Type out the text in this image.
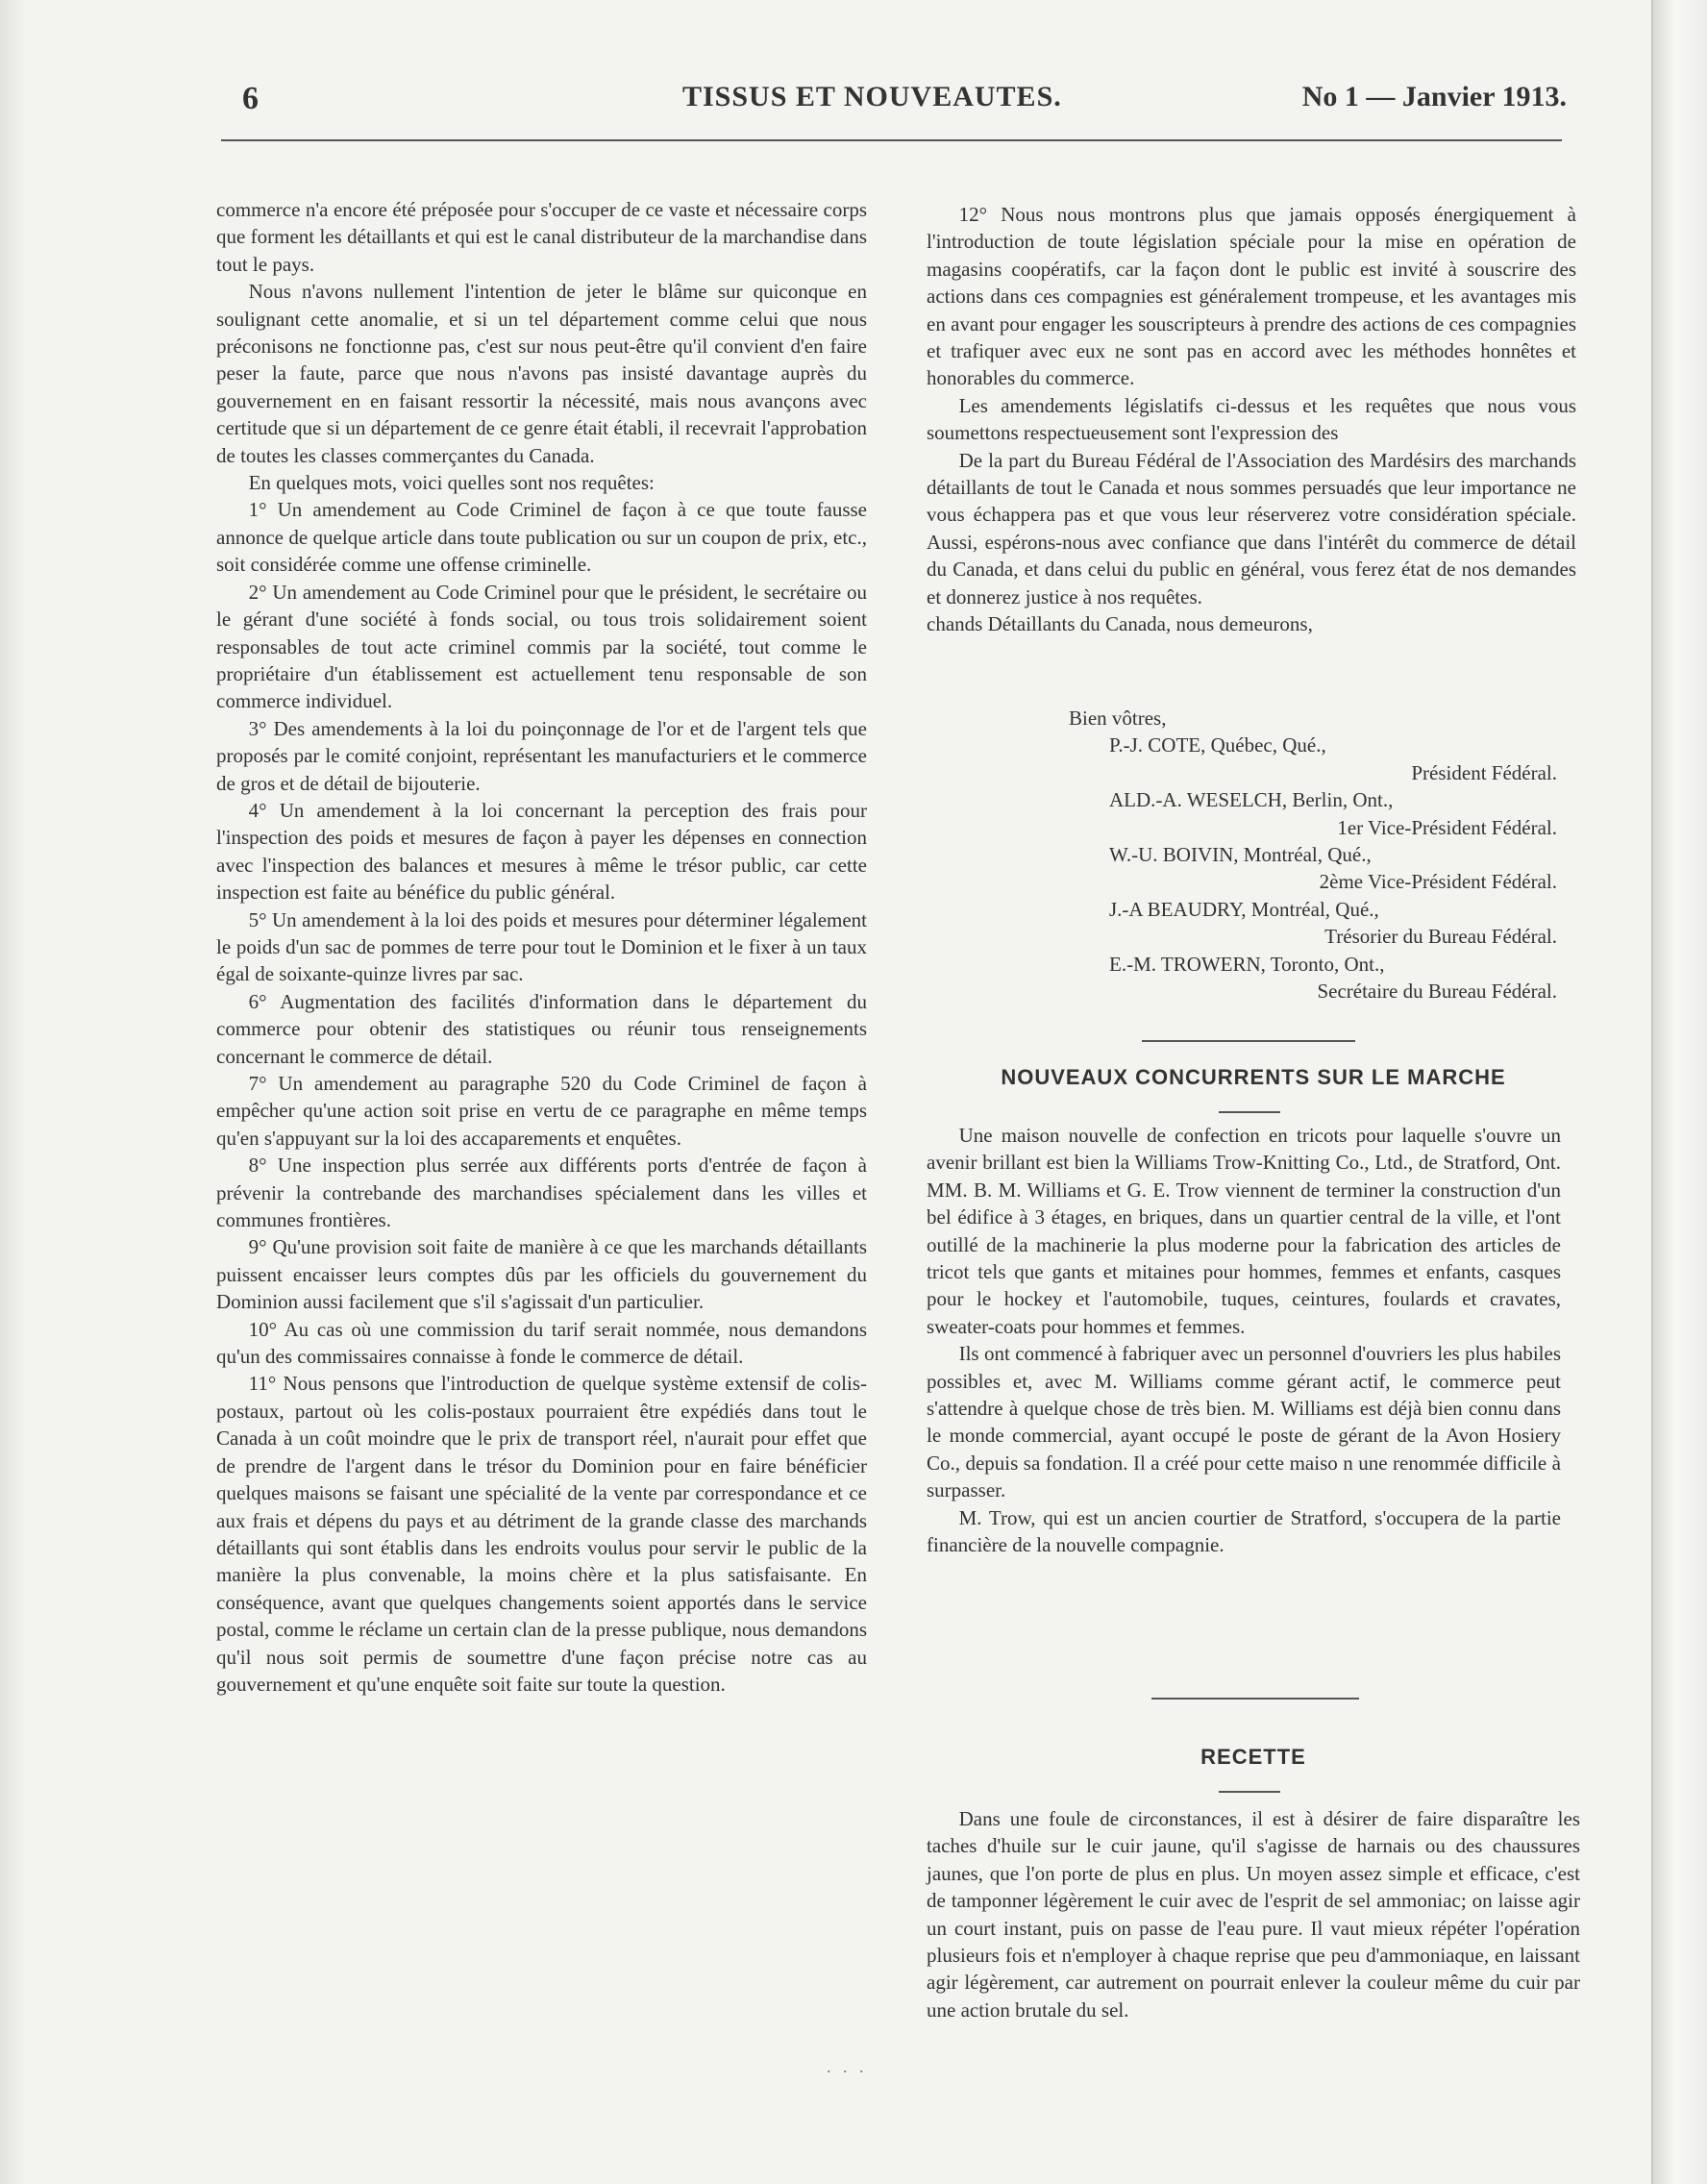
6	TISSUS ET NOUVEAUTES.	No 1 — Janvier 1913.

commerce n'a encore été préposée pour s'occuper de ce vaste et nécessaire corps que forment les détaillants et qui est le canal distributeur de la marchandise dans tout le pays.

Nous n'avons nullement l'intention de jeter le blâme sur quiconque en soulignant cette anomalie, et si un tel département comme celui que nous préconisons ne fonctionne pas, c'est sur nous peut-être qu'il convient d'en faire peser la faute, parce que nous n'avons pas insisté davantage auprès du gouvernement en en faisant ressortir la nécessité, mais nous avançons avec certitude que si un département de ce genre était établi, il recevrait l'approbation de toutes les classes commerçantes du Canada.

En quelques mots, voici quelles sont nos requêtes:

1° Un amendement au Code Criminel de façon à ce que toute fausse annonce de quelque article dans toute publication ou sur un coupon de prix, etc., soit considérée comme une offense criminelle.

2° Un amendement au Code Criminel pour que le président, le secrétaire ou le gérant d'une société à fonds social, ou tous trois solidairement soient responsables de tout acte criminel commis par la société, tout comme le propriétaire d'un établissement est actuellement tenu responsable de son commerce individuel.

3° Des amendements à la loi du poinçonnage de l'or et de l'argent tels que proposés par le comité conjoint, représentant les manufacturiers et le commerce de gros et de détail de bijouterie.

4° Un amendement à la loi concernant la perception des frais pour l'inspection des poids et mesures de façon à payer les dépenses en connection avec l'inspection des balances et mesures à même le trésor public, car cette inspection est faite au bénéfice du public général.

5° Un amendement à la loi des poids et mesures pour déterminer légalement le poids d'un sac de pommes de terre pour tout le Dominion et le fixer à un taux égal de soixante-quinze livres par sac.

6° Augmentation des facilités d'information dans le département du commerce pour obtenir des statistiques ou réunir tous renseignements concernant le commerce de détail.

7° Un amendement au paragraphe 520 du Code Criminel de façon à empêcher qu'une action soit prise en vertu de ce paragraphe en même temps qu'en s'appuyant sur la loi des accaparements et enquêtes.

8° Une inspection plus serrée aux différents ports d'entrée de façon à prévenir la contrebande des marchandises spécialement dans les villes et communes frontières.

9° Qu'une provision soit faite de manière à ce que les marchands détaillants puissent encaisser leurs comptes dûs par les officiels du gouvernement du Dominion aussi facilement que s'il s'agissait d'un particulier.

10° Au cas où une commission du tarif serait nommée, nous demandons qu'un des commissaires connaisse à fonde le commerce de détail.

11° Nous pensons que l'introduction de quelque système extensif de colis-postaux, partout où les colis-postaux pourraient être expédiés dans tout le Canada à un coût moindre que le prix de transport réel, n'aurait pour effet que de prendre de l'argent dans le trésor du Dominion pour en faire bénéficier quelques maisons se faisant une spécialité de la vente par correspondance et ce aux frais et dépens du pays et au détriment de la grande classe des marchands détaillants qui sont établis dans les endroits voulus pour servir le public de la manière la plus convenable, la moins chère et la plus satisfaisante. En conséquence, avant que quelques changements soient apportés dans le service postal, comme le réclame un certain clan de la presse publique, nous demandons qu'il nous soit permis de soumettre d'une façon précise notre cas au gouvernement et qu'une enquête soit faite sur toute la question.

12° Nous nous montrons plus que jamais opposés énergiquement à l'introduction de toute législation spéciale pour la mise en opération de magasins coopératifs, car la façon dont le public est invité à souscrire des actions dans ces compagnies est généralement trompeuse, et les avantages mis en avant pour engager les souscripteurs à prendre des actions de ces compagnies et trafiquer avec eux ne sont pas en accord avec les méthodes honnêtes et honorables du commerce.

Les amendements législatifs ci-dessus et les requêtes que nous vous soumettons respectueusement sont l'expression des

De la part du Bureau Fédéral de l'Association des Mardésirs des marchands détaillants de tout le Canada et nous sommes persuadés que leur importance ne vous échappera pas et que vous leur réserverez votre considération spéciale. Aussi, espérons-nous avec confiance que dans l'intérêt du commerce de détail du Canada, et dans celui du public en général, vous ferez état de nos demandes et donnerez justice à nos requêtes.

chands Détaillants du Canada, nous demeurons,

Bien vôtres,
P.-J. COTE, Québec, Qué.,
Président Fédéral.
ALD.-A. WESELCH, Berlin, Ont.,
1er Vice-Président Fédéral.
W.-U. BOIVIN, Montréal, Qué.,
2ème Vice-Président Fédéral.
J.-A BEAUDRY, Montréal, Qué.,
Trésorier du Bureau Fédéral.
E.-M. TROWERN, Toronto, Ont.,
Secrétaire du Bureau Fédéral.
NOUVEAUX CONCURRENTS SUR LE MARCHE

Une maison nouvelle de confection en tricots pour laquelle s'ouvre un avenir brillant est bien la Williams Trow-Knitting Co., Ltd., de Stratford, Ont. MM. B. M. Williams et G. E. Trow viennent de terminer la construction d'un bel édifice à 3 étages, en briques, dans un quartier central de la ville, et l'ont outillé de la machinerie la plus moderne pour la fabrication des articles de tricot tels que gants et mitaines pour hommes, femmes et enfants, casques pour le hockey et l'automobile, tuques, ceintures, foulards et cravates, sweater-coats pour hommes et femmes.

Ils ont commencé à fabriquer avec un personnel d'ouvriers les plus habiles possibles et, avec M. Williams comme gérant actif, le commerce peut s'attendre à quelque chose de très bien. M. Williams est déjà bien connu dans le monde commercial, ayant occupé le poste de gérant de la Avon Hosiery Co., depuis sa fondation. Il a créé pour cette maiso n une renommée difficile à surpasser.

M. Trow, qui est un ancien courtier de Stratford, s'occupera de la partie financière de la nouvelle compagnie.

RECETTE

Dans une foule de circonstances, il est à désirer de faire disparaître les taches d'huile sur le cuir jaune, qu'il s'agisse de harnais ou des chaussures jaunes, que l'on porte de plus en plus. Un moyen assez simple et efficace, c'est de tamponner légèrement le cuir avec de l'esprit de sel ammoniac; on laisse agir un court instant, puis on passe de l'eau pure. Il vaut mieux répéter l'opération plusieurs fois et n'employer à chaque reprise que peu d'ammoniaque, en laissant agir légèrement, car autrement on pourrait enlever la couleur même du cuir par une action brutale du sel.

. . .
